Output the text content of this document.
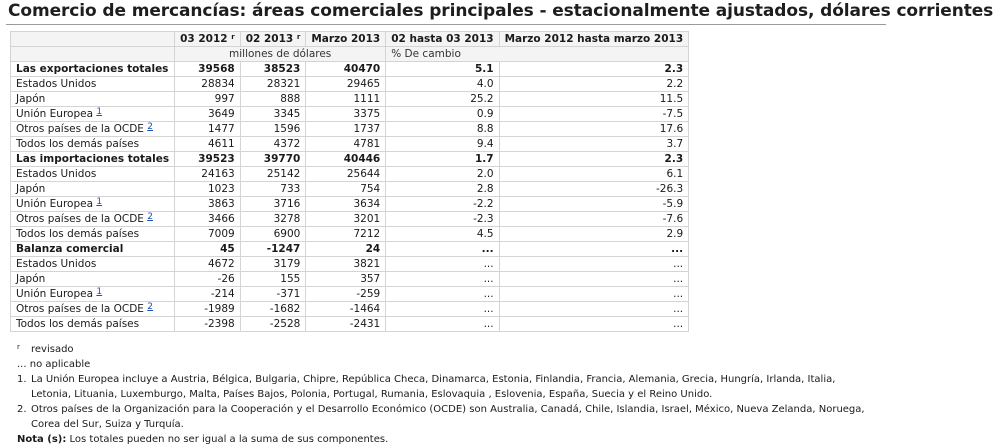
Comercio de mercancías: áreas comerciales principales - estacionalmente ajustados, dólares corrientes
	03 2012 $^r$	02 2013 $^r$	Marzo 2013	02 hasta 03 2013	Marzo 2012 hasta marzo 2013
	millones de dólares			% De cambio	
Las exportaciones totales	39568	38523	40470	5.1	2.3
Estados Unidos	28834	28321	29465	4.0	2.2
Japón	997	888	1111	25.2	11.5
Unión Europea 1	3649	3345	3375	0.9	-7.5
Otros países de la OCDE 2	1477	1596	1737	8.8	17.6
Todos los demás países	4611	4372	4781	9.4	3.7
Las importaciones totales	39523	39770	40446	1.7	2.3
Estados Unidos	24163	25142	25644	2.0	6.1
Japón	1023	733	754	2.8	-26.3
Unión Europea 1	3863	3716	3634	-2.2	-5.9
Otros países de la OCDE 2	3466	3278	3201	-2.3	-7.6
Todos los demás países	7009	6900	7212	4.5	2.9
Balanza comercial	45	-1247	24	...	...
Estados Unidos	4672	3179	3821	...	...
Japón	-26	155	357	...	...
Unión Europea 1	-214	-371	-259	...	...
Otros países de la OCDE 2	-1989	-1682	-1464	...	...
Todos los demás países	-2398	-2528	-2431	...	...
$^r$ revisado
... no aplicable
1. La Unión Europea incluye a Austria, Bélgica, Bulgaria, Chipre, República Checa, Dinamarca, Estonia, Finlandia, Francia, Alemania, Grecia, Hungría, Irlanda, Italia, Letonia, Lituania, Luxemburgo, Malta, Países Bajos, Polonia, Portugal, Rumania, Eslovaquia , Eslovenia, España, Suecia y el Reino Unido.
2. Otros países de la Organización para la Cooperación y el Desarrollo Económico (OCDE) son Australia, Canadá, Chile, Islandia, Israel, México, Nueva Zelanda, Noruega, Corea del Sur, Suiza y Turquía.
Nota (s): Los totales pueden no ser igual a la suma de sus componentes.
